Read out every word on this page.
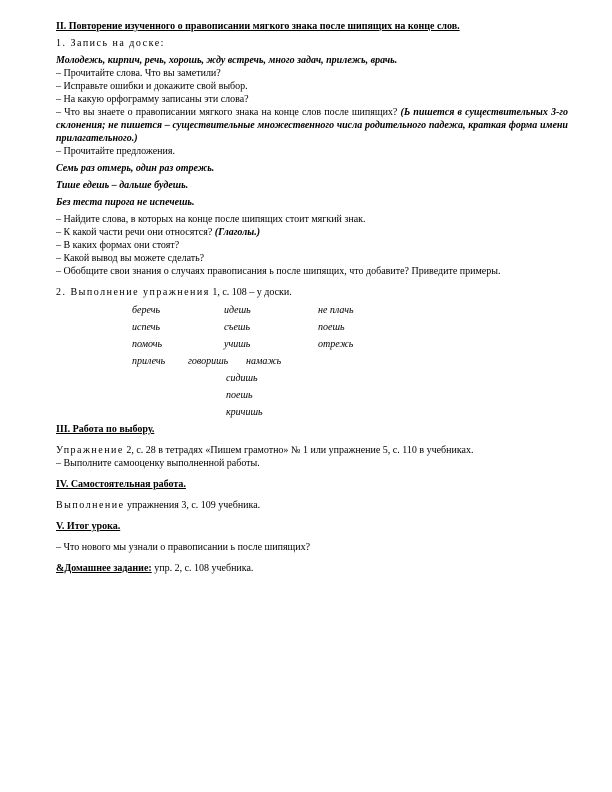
II. Повторение изученного о правописании мягкого знака после шипящих на конце слов.

1. Запись на доске:

Молодежь, кирпич, речь, хорошь, жду встречь, много задач, прилежь, врачь.

– Прочитайте слова. Что вы заметили?

– Исправьте ошибки и докажите свой выбор.

– На какую орфограмму записаны эти слова?

– Что вы знаете о правописании мягкого знака на конце слов после шипящих? (Ь пишется в существительных 3-го склонения; не пишется – существительные множественного числа родительного падежа, краткая форма имени прилагательного.)

– Прочитайте предложения.

Семь раз отмерь, один раз отрежь.

Тише едешь – дальше будешь.

Без теста пирога не испечешь.

– Найдите слова, в которых на конце после шипящих стоит мягкий знак.

– К какой части речи они относятся? (Глаголы.)

– В каких формах они стоят?

– Какой вывод вы можете сделать?

– Обобщите свои знания о случаях правописания ь после шипящих, что добавите? Приведите примеры.

2. Выполнение упражнения 1, с. 108 – у доски.

беречь	идешь	не плачь
испечь	съешь	поешь
помочь	учишь	отрежь
прилечь говоришь намажь
сидишь
поешь
кричишь

III. Работа по выбору.

Упражнение 2, с. 28 в тетрадях «Пишем грамотно» № 1 или упражнение 5, с. 110 в учебниках.

– Выполните самооценку выполненной работы.

IV. Самостоятельная работа.

Выполнение упражнения 3, с. 109 учебника.

V. Итог урока.

– Что нового мы узнали о правописании ь после шипящих?

&Домашнее задание: упр. 2, с. 108 учебника.
